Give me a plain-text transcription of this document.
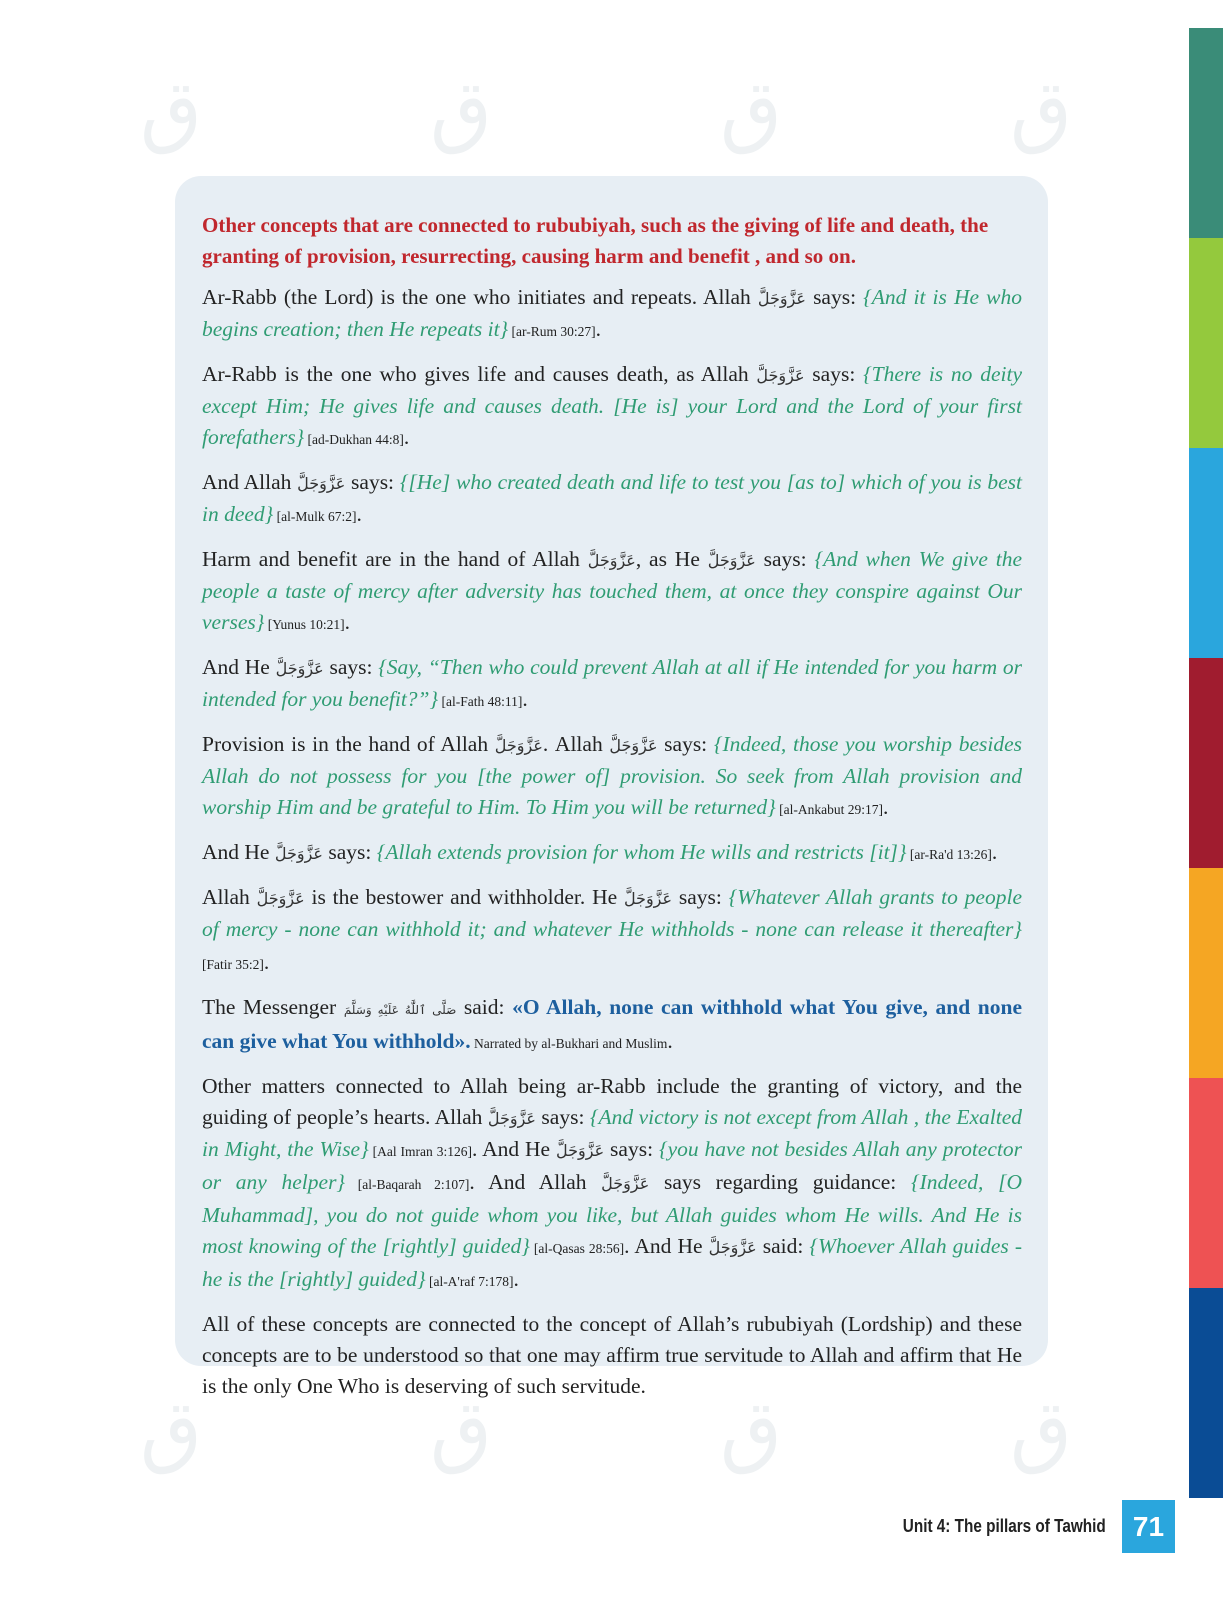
ق	ق	ق	ق
ق	ق	ق	ق

Other concepts that are connected to rububiyah, such as the giving of life and death, the granting of provision, resurrecting, causing harm and benefit , and so on.

Ar-Rabb (the Lord) is the one who initiates and repeats. Allah عَزَّوَجَلَّ says: {And it is He who begins creation; then He repeats it} [ar-Rum 30:27].

Ar-Rabb is the one who gives life and causes death, as Allah عَزَّوَجَلَّ says: {There is no deity except Him; He gives life and causes death. [He is] your Lord and the Lord of your first forefathers} [ad-Dukhan 44:8].

And Allah عَزَّوَجَلَّ says: {[He] who created death and life to test you [as to] which of you is best in deed} [al-Mulk 67:2].

Harm and benefit are in the hand of Allah عَزَّوَجَلَّ, as He عَزَّوَجَلَّ says: {And when We give the people a taste of mercy after adversity has touched them, at once they conspire against Our verses} [Yunus 10:21].

And He عَزَّوَجَلَّ says: {Say, “Then who could prevent Allah at all if He intended for you harm or intended for you benefit?”} [al-Fath 48:11].

Provision is in the hand of Allah عَزَّوَجَلَّ. Allah عَزَّوَجَلَّ says: {Indeed, those you worship besides Allah do not possess for you [the power of] provision. So seek from Allah provision and worship Him and be grateful to Him. To Him you will be returned} [al-Ankabut 29:17].

And He عَزَّوَجَلَّ says: {Allah extends provision for whom He wills and restricts [it]} [ar-Ra'd 13:26].

Allah عَزَّوَجَلَّ is the bestower and withholder. He عَزَّوَجَلَّ says: {Whatever Allah grants to people of mercy - none can withhold it; and whatever He withholds - none can release it thereafter} [Fatir 35:2].

The Messenger صَلَّى ٱللَّٰهُ عَلَيْهِ وَسَلَّمَ said: «O Allah, none can withhold what You give, and none can give what You withhold». Narrated by al-Bukhari and Muslim.

Other matters connected to Allah being ar-Rabb include the granting of victory, and the guiding of people’s hearts. Allah عَزَّوَجَلَّ says: {And victory is not except from Allah , the Exalted in Might, the Wise} [Aal Imran 3:126]. And He عَزَّوَجَلَّ says: {you have not besides Allah any protector or any helper} [al-Baqarah 2:107]. And Allah عَزَّوَجَلَّ says regarding guidance: {Indeed, [O Muhammad], you do not guide whom you like, but Allah guides whom He wills. And He is most knowing of the [rightly] guided} [al-Qasas 28:56]. And He عَزَّوَجَلَّ said: {Whoever Allah guides - he is the [rightly] guided} [al-A'raf 7:178].

All of these concepts are connected to the concept of Allah’s rububiyah (Lordship) and these concepts are to be understood so that one may affirm true servitude to Allah and affirm that He is the only One Who is deserving of such servitude.

Unit 4: The pillars of Tawhid 71
